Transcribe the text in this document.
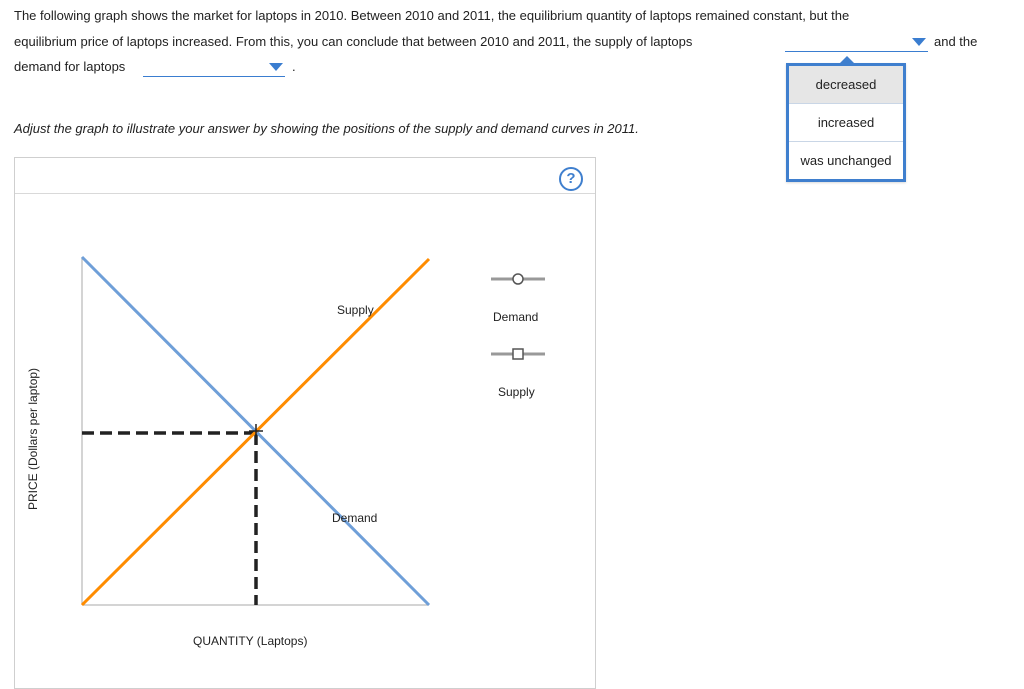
The following graph shows the market for laptops in 2010. Between 2010 and 2011, the equilibrium quantity of laptops remained constant, but the
equilibrium price of laptops increased. From this, you can conclude that between 2010 and 2011, the supply of laptops	and the
demand for laptops	.
decreased
increased
was unchanged
Adjust the graph to illustrate your answer by showing the positions of the supply and demand curves in 2011.
?
PRICE (Dollars per laptop)
Supply
Demand
Demand
Supply
QUANTITY (Laptops)
